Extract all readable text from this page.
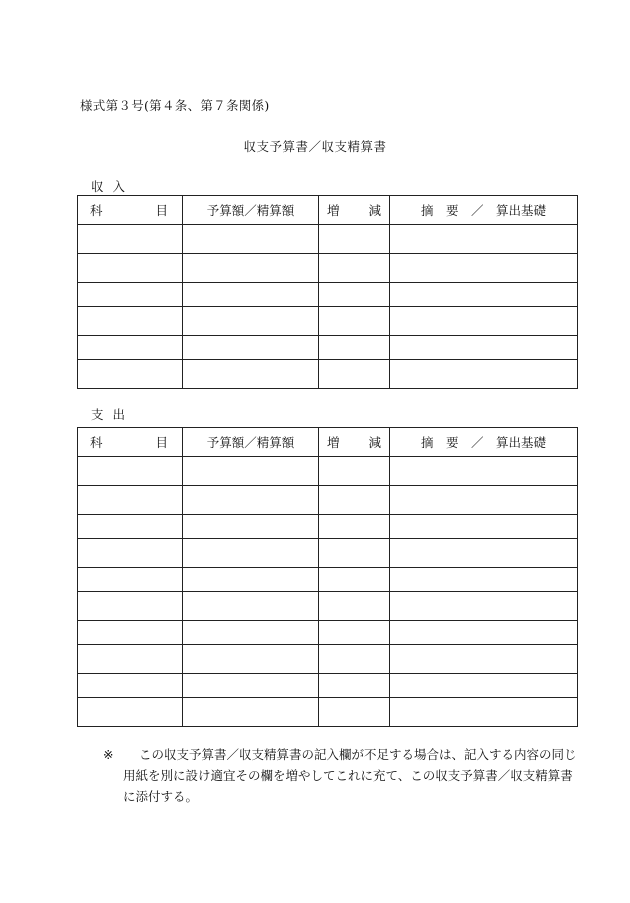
様式第３号(第４条、第７条関係)
収支予算書／収支精算書
収入
科 目	予算額／精算額	増 減	摘　要　／　算出基礎

支出
科 目	予算額／精算額	増 減	摘　要　／　算出基礎

※	この収支予算書／収支精算書の記入欄が不足する場合は、記入する内容の同じ用紙を別に設け適宜その欄を増やしてこれに充て、この収支予算書／収支精算書に添付する。
